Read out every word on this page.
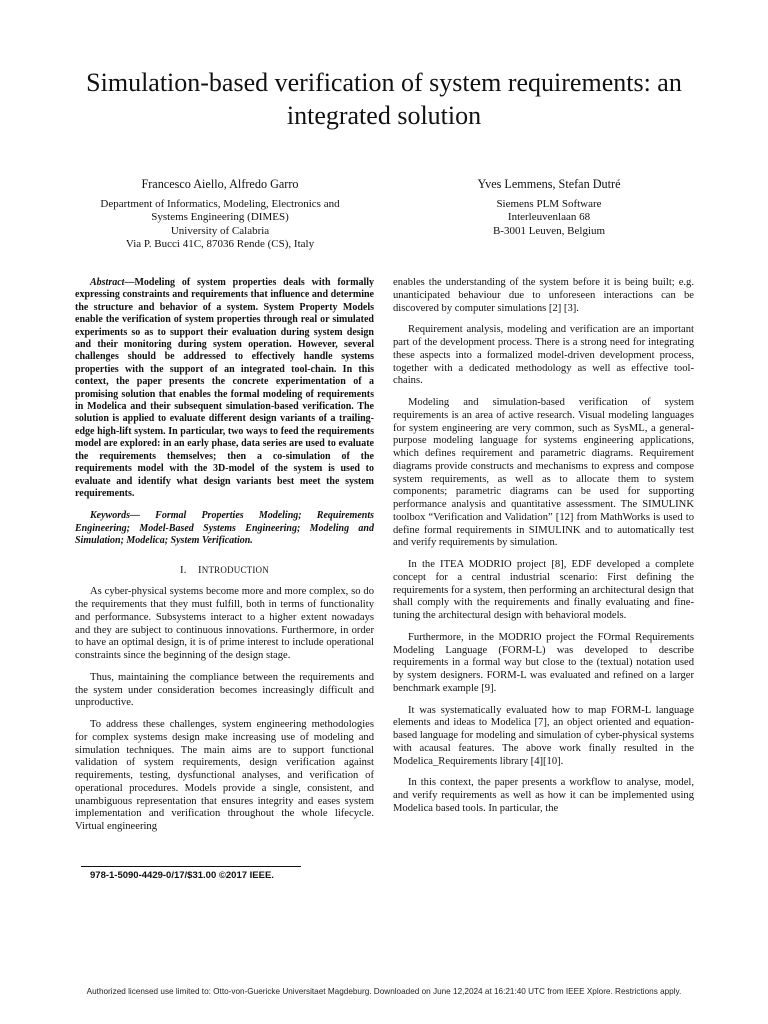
Simulation-based verification of system requirements: an integrated solution
Francesco Aiello, Alfredo Garro
Department of Informatics, Modeling, Electronics and
Systems Engineering (DIMES)
University of Calabria
Via P. Bucci 41C, 87036 Rende (CS), Italy
Yves Lemmens, Stefan Dutré
Siemens PLM Software
Interleuvenlaan 68
B-3001 Leuven, Belgium

Abstract—Modeling of system properties deals with formally expressing constraints and requirements that influence and determine the structure and behavior of a system. System Property Models enable the verification of system properties through real or simulated experiments so as to support their evaluation during system design and their monitoring during system operation. However, several challenges should be addressed to effectively handle systems properties with the support of an integrated tool-chain. In this context, the paper presents the concrete experimentation of a promising solution that enables the formal modeling of requirements in Modelica and their subsequent simulation-based verification. The solution is applied to evaluate different design variants of a trailing-edge high-lift system. In particular, two ways to feed the requirements model are explored: in an early phase, data series are used to evaluate the requirements themselves; then a co-simulation of the requirements model with the 3D-model of the system is used to evaluate and identify what design variants best meet the system requirements.

Keywords— Formal Properties Modeling; Requirements Engineering; Model-Based Systems Engineering; Modeling and Simulation; Modelica; System Verification.

I. INTRODUCTION

As cyber-physical systems become more and more complex, so do the requirements that they must fulfill, both in terms of functionality and performance. Subsystems interact to a higher extent nowadays and they are subject to continuous innovations. Furthermore, in order to have an optimal design, it is of prime interest to include operational constraints since the beginning of the design stage.

Thus, maintaining the compliance between the requirements and the system under consideration becomes increasingly difficult and unproductive.

To address these challenges, system engineering methodologies for complex systems design make increasing use of modeling and simulation techniques. The main aims are to support functional validation of system requirements, design verification against requirements, testing, dysfunctional analyses, and verification of operational procedures. Models provide a single, consistent, and unambiguous representation that ensures integrity and eases system implementation and verification throughout the whole lifecycle. Virtual engineering

enables the understanding of the system before it is being built; e.g. unanticipated behaviour due to unforeseen interactions can be discovered by computer simulations [2] [3].

Requirement analysis, modeling and verification are an important part of the development process. There is a strong need for integrating these aspects into a formalized model-driven development process, together with a dedicated methodology as well as effective tool-chains.

Modeling and simulation-based verification of system requirements is an area of active research. Visual modeling languages for system engineering are very common, such as SysML, a general-purpose modeling language for systems engineering applications, which defines requirement and parametric diagrams. Requirement diagrams provide constructs and mechanisms to express and compose system requirements, as well as to allocate them to system components; parametric diagrams can be used for supporting performance analysis and quantitative assessment. The SIMULINK toolbox “Verification and Validation” [12] from MathWorks is used to define formal requirements in SIMULINK and to automatically test and verify requirements by simulation.

In the ITEA MODRIO project [8], EDF developed a complete concept for a central industrial scenario: First defining the requirements for a system, then performing an architectural design that shall comply with the requirements and finally evaluating and fine-tuning the architectural design with behavioral models.

Furthermore, in the MODRIO project the FOrmal Requirements Modeling Language (FORM-L) was developed to describe requirements in a formal way but close to the (textual) notation used by system designers. FORM-L was evaluated and refined on a larger benchmark example [9].

It was systematically evaluated how to map FORM-L language elements and ideas to Modelica [7], an object oriented and equation-based language for modeling and simulation of cyber-physical systems with acausal features. The above work finally resulted in the Modelica_Requirements library [4][10].

In this context, the paper presents a workflow to analyse, model, and verify requirements as well as how it can be implemented using Modelica based tools. In particular, the

978-1-5090-4429-0/17/$31.00 ©2017 IEEE.
Authorized licensed use limited to: Otto-von-Guericke Universitaet Magdeburg. Downloaded on June 12,2024 at 16:21:40 UTC from IEEE Xplore. Restrictions apply.
